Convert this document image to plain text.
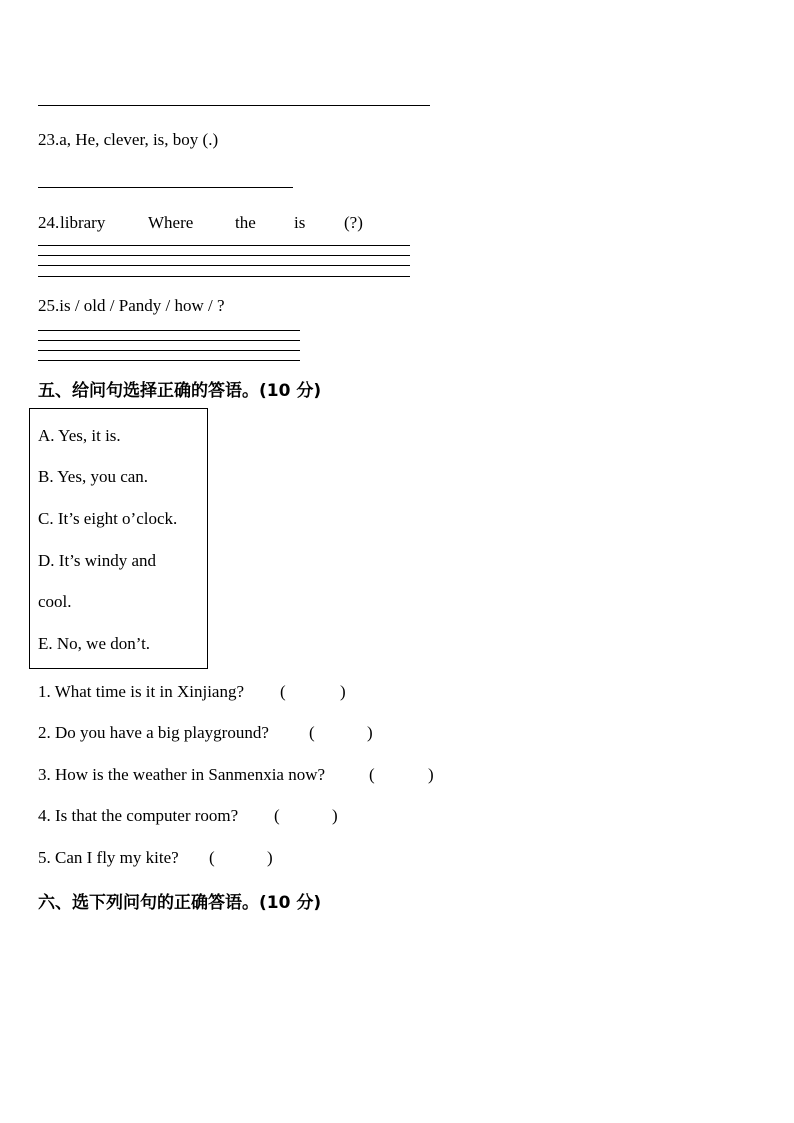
23.a, He, clever, is, boy (.)
24. library	Where the is (?)
25.is / old / Pandy / how / ?
五、给问句选择正确的答语。(10 分)
A. Yes, it is.
B. Yes, you can.
C. It’s eight o’clock.
D. It’s windy and
cool.
E. No, we don’t.
1. What time is it in Xinjiang? (	)
2. Do you have a big playground? (	)
3. How is the weather in Sanmenxia now?	(	)
4. Is that the computer room? (	)
5. Can I fly my kite? (	)
六、选下列问句的正确答语。(10 分)
